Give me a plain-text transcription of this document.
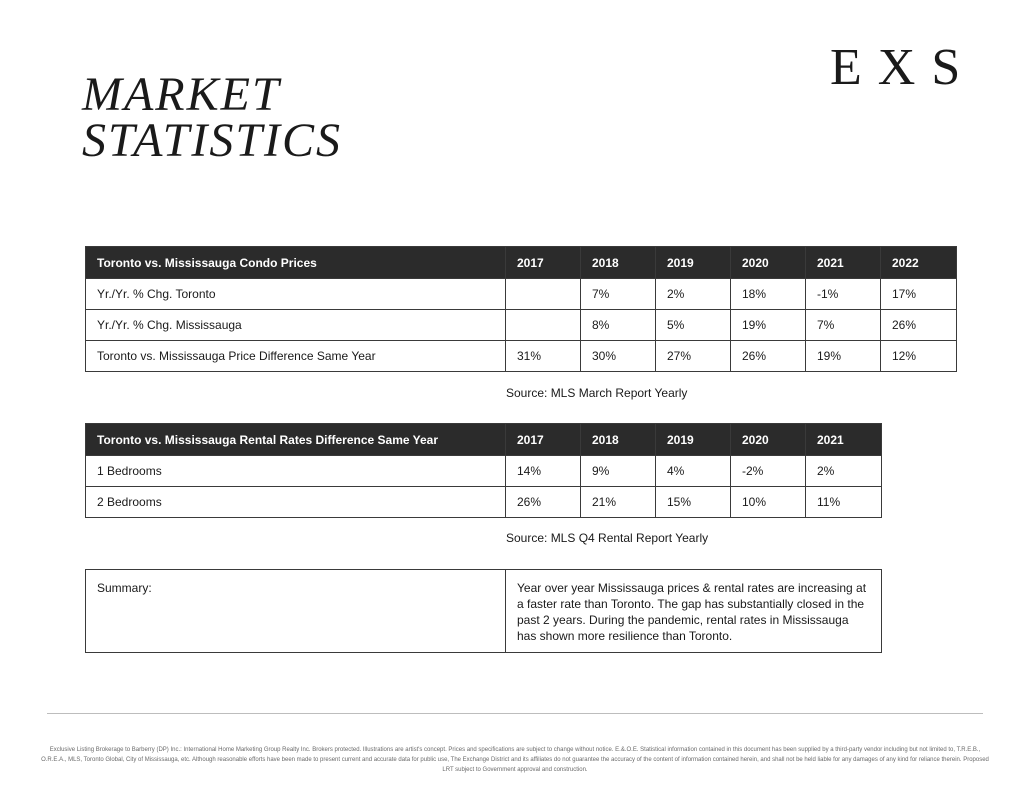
MARKET
STATISTICS
EXS
Toronto vs. Mississauga Condo Prices	2017	2018	2019	2020	2021	2022
Yr./Yr. % Chg. Toronto		7%	2%	18%	-1%	17%
Yr./Yr. % Chg. Mississauga		8%	5%	19%	7%	26%
Toronto vs. Mississauga Price Difference Same Year	31%	30%	27%	26%	19%	12%
Source: MLS March Report Yearly
Toronto vs. Mississauga Rental Rates Difference Same Year	2017	2018	2019	2020	2021
1 Bedrooms	14%	9%	4%	-2%	2%
2 Bedrooms	26%	21%	15%	10%	11%
Source: MLS Q4 Rental Report Yearly
Summary:	Year over year Mississauga prices & rental rates are increasing at a faster rate than Toronto. The gap has substantially closed in the past 2 years. During the pandemic, rental rates in Mississauga has shown more resilience than Toronto.
Exclusive Listing Brokerage to Barberry (DP) Inc.: International Home Marketing Group Realty Inc. Brokers protected. Illustrations are artist's concept. Prices and specifications are subject to change without notice. E.&.O.E. Statistical information contained in this document has been supplied by a third-party vendor including but not limited to, T.R.E.B., O.R.E.A., MLS, Toronto Global, City of Mississauga, etc. Although reasonable efforts have been made to present current and accurate data for public use, The Exchange District and its affiliates do not guarantee the accuracy of the content of information contained herein, and shall not be held liable for any damages of any kind for reliance therein. Proposed LRT subject to Government approval and construction.
